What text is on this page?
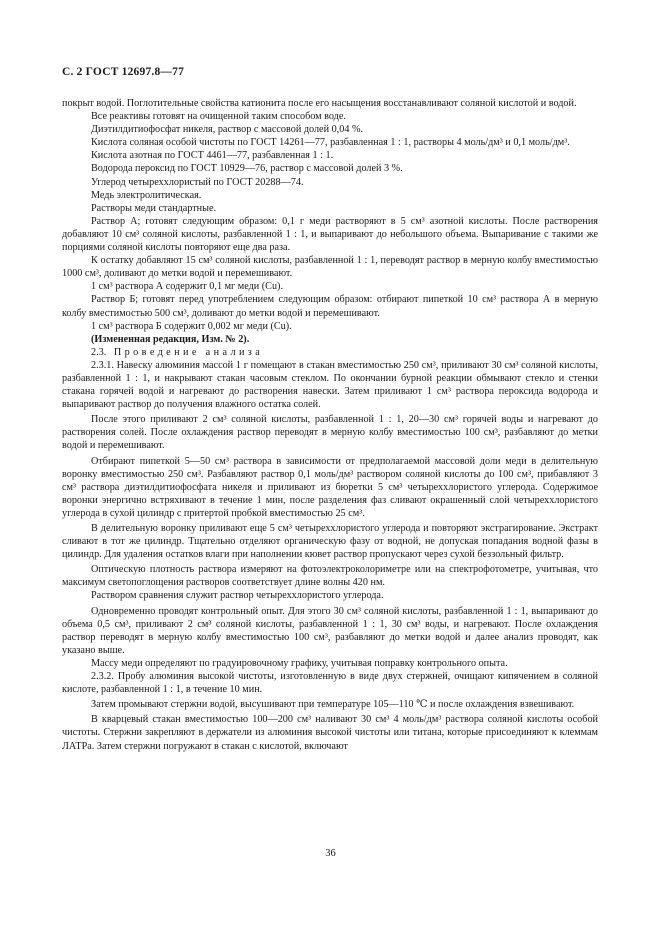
С. 2 ГОСТ 12697.8—77

покрыт водой. Поглотительные свойства катионита после его насыщения восстанавливают соляной кислотой и водой.

Все реактивы готовят на очищенной таким способом воде.

Диэтилдитиофосфат никеля, раствор с массовой долей 0,04 %.

Кислота соляная особой чистоты по ГОСТ 14261—77, разбавленная 1 : 1, растворы 4 моль/дм³ и 0,1 моль/дм³.

Кислота азотная по ГОСТ 4461—77, разбавленная 1 : 1.

Водорода пероксид по ГОСТ 10929—76, раствор с массовой долей 3 %.

Углерод четыреххлористый по ГОСТ 20288—74.

Медь электролитическая.

Растворы меди стандартные.

Раствор А; готовят следующим образом: 0,1 г меди растворяют в 5 см³ азотной кислоты. После растворения добавляют 10 см³ соляной кислоты, разбавленной 1 : 1, и выпаривают до небольшого объема. Выпаривание с такими же порциями соляной кислоты повторяют еще два раза.

К остатку добавляют 15 см³ соляной кислоты, разбавленной 1 : 1, переводят раствор в мерную колбу вместимостью 1000 см³, доливают до метки водой и перемешивают.

1 см³ раствора А содержит 0,1 мг меди (Cu).

Раствор Б; готовят перед употреблением следующим образом: отбирают пипеткой 10 см³ раствора А в мерную колбу вместимостью 500 см³, доливают до метки водой и перемешивают.

1 см³ раствора Б содержит 0,002 мг меди (Cu).

(Измененная редакция, Изм. № 2).

2.3. Проведение анализа

2.3.1. Навеску алюминия массой 1 г помещают в стакан вместимостью 250 см³, приливают 30 см³ соляной кислоты, разбавленной 1 : 1, и накрывают стакан часовым стеклом. По окончании бурной реакции обмывают стекло и стенки стакана горячей водой и нагревают до растворения навески. Затем приливают 1 см³ раствора пероксида водорода и выпаривают раствор до получения влажного остатка солей.

После этого приливают 2 см³ соляной кислоты, разбавленной 1 : 1, 20—30 см³ горячей воды и нагревают до растворения солей. После охлаждения раствор переводят в мерную колбу вместимостью 100 см³, разбавляют до метки водой и перемешивают.

Отбирают пипеткой 5—50 см³ раствора в зависимости от предполагаемой массовой доли меди в делительную воронку вместимостью 250 см³. Разбавляют раствор 0,1 моль/дм³ раствором соляной кислоты до 100 см³, прибавляют 3 см³ раствора диэтилдитиофосфата никеля и приливают из бюретки 5 см³ четыреххлористого углерода. Содержимое воронки энергично встряхивают в течение 1 мин, после разделения фаз сливают окрашенный слой четыреххлористого углерода в сухой цилиндр с притертой пробкой вместимостью 25 см³.

В делительную воронку приливают еще 5 см³ четыреххлористого углерода и повторяют экстрагирование. Экстракт сливают в тот же цилиндр. Тщательно отделяют органическую фазу от водной, не допуская попадания водной фазы в цилиндр. Для удаления остатков влаги при наполнении кювет раствор пропускают через сухой беззольный фильтр.

Оптическую плотность раствора измеряют на фотоэлектроколориметре или на спектрофотометре, учитывая, что максимум светопоглощения растворов соответствует длине волны 420 нм.

Раствором сравнения служит раствор четыреххлористого углерода.

Одновременно проводят контрольный опыт. Для этого 30 см³ соляной кислоты, разбавленной 1 : 1, выпаривают до объема 0,5 см³, приливают 2 см³ соляной кислоты, разбавленной 1 : 1, 30 см³ воды, и нагревают. После охлаждения раствор переводят в мерную колбу вместимостью 100 см³, разбавляют до метки водой и далее анализ проводят, как указано выше.

Массу меди определяют по градуировочному графику, учитывая поправку контрольного опыта.

2.3.2. Пробу алюминия высокой чистоты, изготовленную в виде двух стержней, очищают кипячением в соляной кислоте, разбавленной 1 : 1, в течение 10 мин.

Затем промывают стержни водой, высушивают при температуре 105—110 ℃ и после охлаждения взвешивают.

В кварцевый стакан вместимостью 100—200 см³ наливают 30 см³ 4 моль/дм³ раствора соляной кислоты особой чистоты. Стержни закрепляют в держатели из алюминия высокой чистоты или титана, которые присоединяют к клеммам ЛАТРа. Затем стержни погружают в стакан с кислотой, включают

36
